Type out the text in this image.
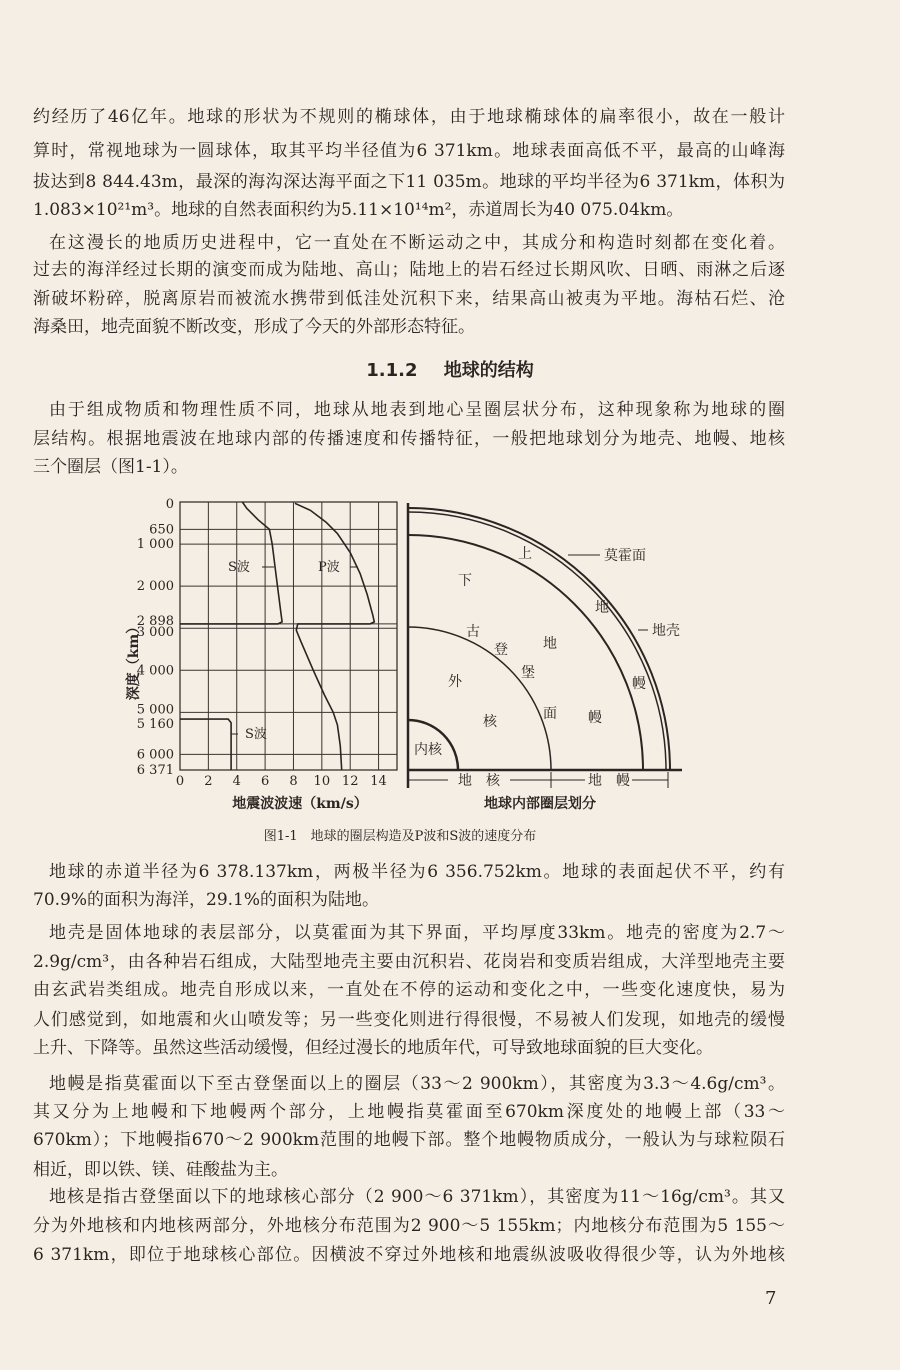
约经历了46亿年。地球的形状为不规则的椭球体，由于地球椭球体的扁率很小，故在一般计
算时，常视地球为一圆球体，取其平均半径值为6 371km。地球表面高低不平，最高的山峰海
拔达到8 844.43m，最深的海沟深达海平面之下11 035m。地球的平均半径为6 371km，体积为
1.083×10²¹m³。地球的自然表面积约为5.11×10¹⁴m²，赤道周长为40 075.04km。
在这漫长的地质历史进程中，它一直处在不断运动之中，其成分和构造时刻都在变化着。
过去的海洋经过长期的演变而成为陆地、高山；陆地上的岩石经过长期风吹、日晒、雨淋之后逐
渐破坏粉碎，脱离原岩而被流水携带到低洼处沉积下来，结果高山被夷为平地。海枯石烂、沧
海桑田，地壳面貌不断改变，形成了今天的外部形态特征。
由于组成物质和物理性质不同，地球从地表到地心呈圈层状分布，这种现象称为地球的圈
层结构。根据地震波在地球内部的传播速度和传播特征，一般把地球划分为地壳、地幔、地核
三个圈层（图1-1）。
地球的赤道半径为6 378.137km，两极半径为6 356.752km。地球的表面起伏不平，约有
70.9%的面积为海洋，29.1%的面积为陆地。
地壳是固体地球的表层部分，以莫霍面为其下界面，平均厚度33km。地壳的密度为2.7～
2.9g/cm³，由各种岩石组成，大陆型地壳主要由沉积岩、花岗岩和变质岩组成，大洋型地壳主要
由玄武岩类组成。地壳自形成以来，一直处在不停的运动和变化之中，一些变化速度快，易为
人们感觉到，如地震和火山喷发等；另一些变化则进行得很慢，不易被人们发现，如地壳的缓慢
上升、下降等。虽然这些活动缓慢，但经过漫长的地质年代，可导致地球面貌的巨大变化。
地幔是指莫霍面以下至古登堡面以上的圈层（33～2 900km），其密度为3.3～4.6g/cm³。
其又分为上地幔和下地幔两个部分，上地幔指莫霍面至670km深度处的地幔上部（33～
670km）；下地幔指670～2 900km范围的地幔下部。整个地幔物质成分，一般认为与球粒陨石
相近，即以铁、镁、硅酸盐为主。
地核是指古登堡面以下的地球核心部分（2 900～6 371km），其密度为11～16g/cm³。其又
分为外地核和内地核两部分，外地核分布范围为2 900～5 155km；内地核分布范围为5 155～
6 371km，即位于地球核心部位。因横波不穿过外地核和地震纵波吸收得很少等，认为外地核
1.1.2 地球的结构
0 2 4 6 8 10 12 14
0
650
1 000
2 000
2 898
3 000
4 000
5 000
5 160
6 000
6 371
S波	P波
S波
深度（km）
地震波波速（km/s）
上
下
地
地
幔
幔
古
登
堡
面
外
核
内核
莫霍面
地壳
地　核	地　幔
地球内部圈层划分
图1-1　地球的圈层构造及P波和S波的速度分布
7
